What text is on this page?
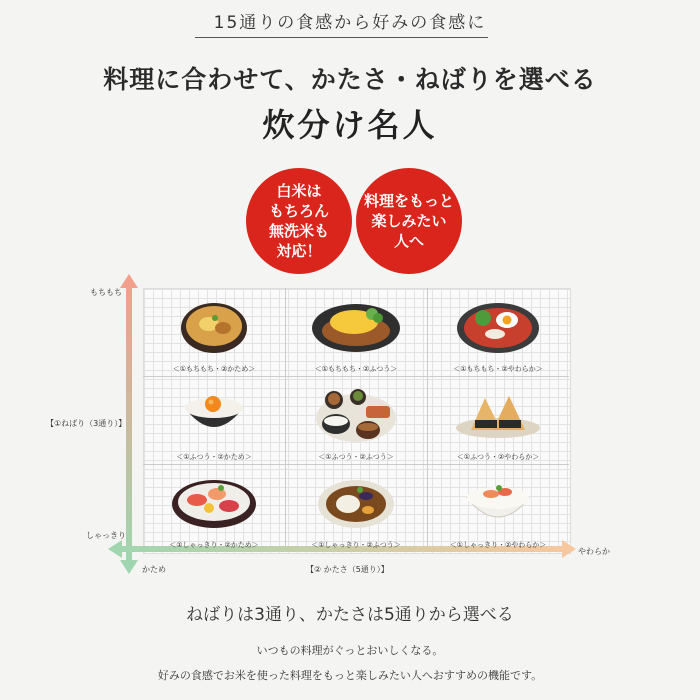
15通りの食感から好みの食感に
料理に合わせて、かたさ・ねばりを選べる
炊分け名人
白米は
もちろん
無洗米も
対応！
料理をもっと
楽しみたい
人へ
もちもち
【①ねばり（3通り）】
しゃっきり
かため	【② かたさ（5通り）】
やわらか
＜①もちもち・②かため＞	＜①もちもち・②ふつう＞	＜①もちもち・②やわらか＞
＜①ふつう・②かため＞	＜①ふつう・②ふつう＞	＜①ふつう・②やわらか＞
＜①しゃっきり・②かため＞	＜①しゃっきり・②ふつう＞	＜①しゃっきり・②やわらか＞
ねばりは3通り、かたさは5通りから選べる
いつもの料理がぐっとおいしくなる。
好みの食感でお米を使った料理をもっと楽しみたい人へおすすめの機能です。
